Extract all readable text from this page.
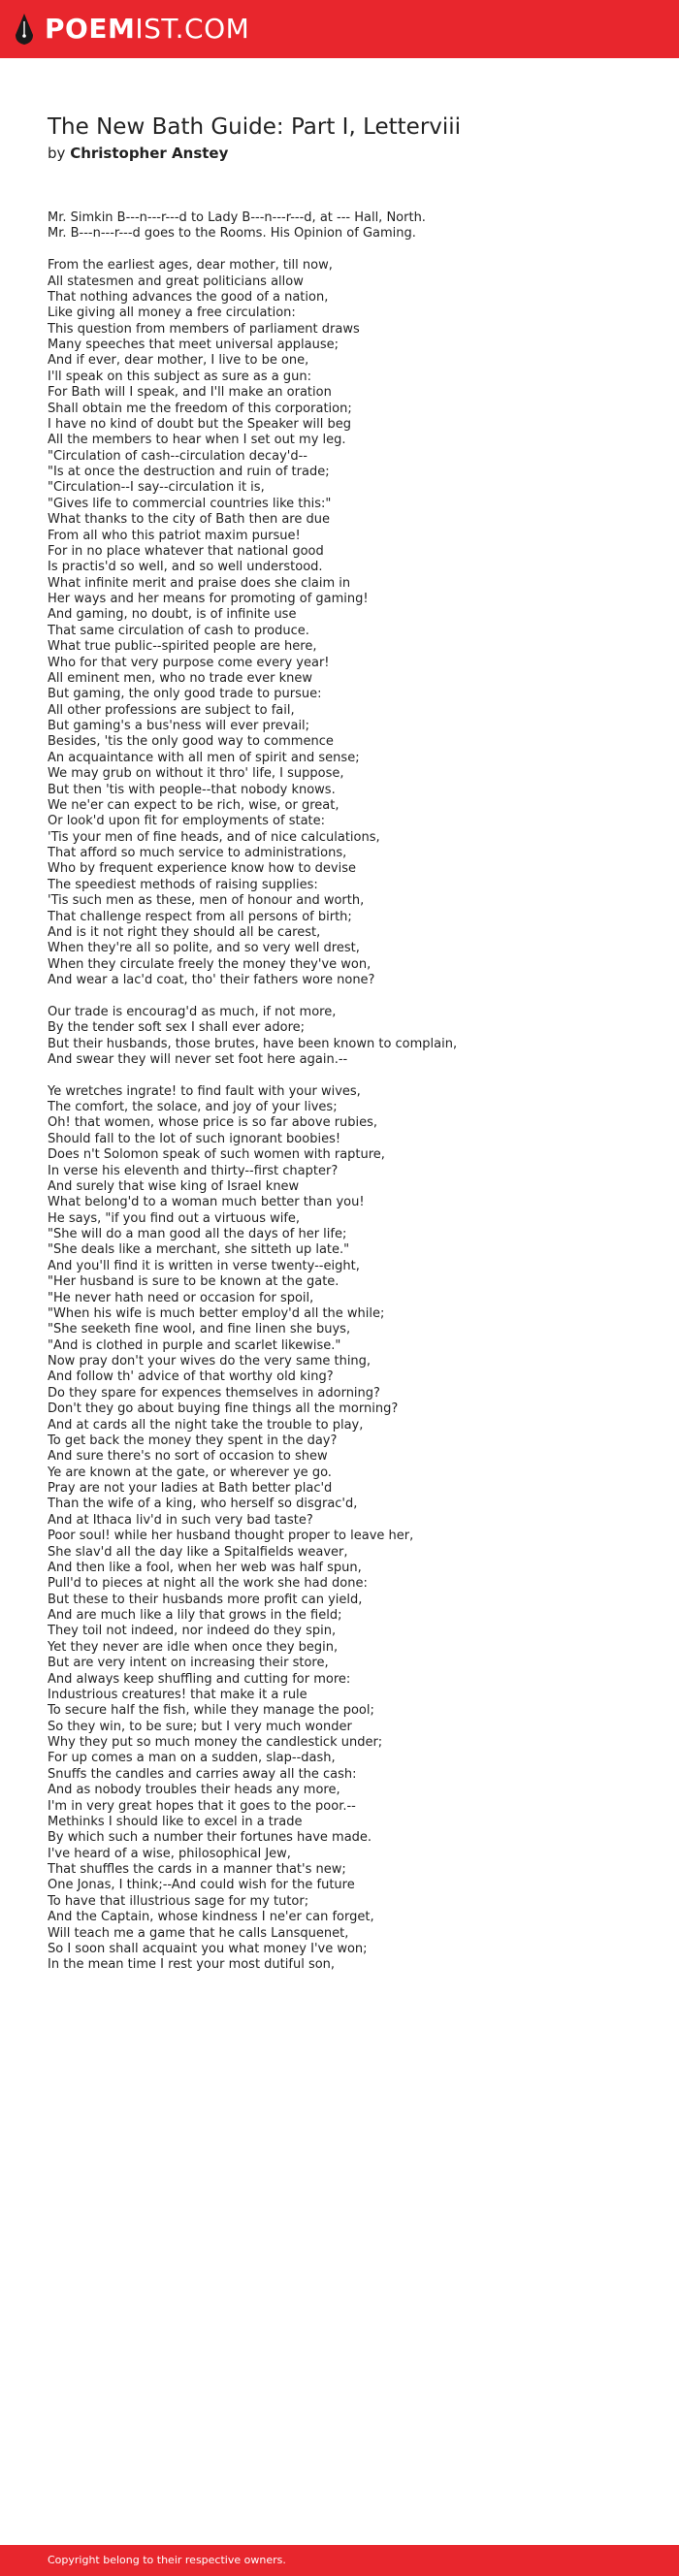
POEMIST.COM
The New Bath Guide: Part I, Letterviii
by Christopher Anstey
Mr. Simkin B---n---r---d to Lady B---n---r---d, at --- Hall, North.
Mr. B---n---r---d goes to the Rooms. His Opinion of Gaming.
From the earliest ages, dear mother, till now,
All statesmen and great politicians allow
That nothing advances the good of a nation,
Like giving all money a free circulation:
This question from members of parliament draws
Many speeches that meet universal applause;
And if ever, dear mother, I live to be one,
I'll speak on this subject as sure as a gun:
For Bath will I speak, and I'll make an oration
Shall obtain me the freedom of this corporation;
I have no kind of doubt but the Speaker will beg
All the members to hear when I set out my leg.
"Circulation of cash--circulation decay'd--
"Is at once the destruction and ruin of trade;
"Circulation--I say--circulation it is,
"Gives life to commercial countries like this:"
What thanks to the city of Bath then are due
From all who this patriot maxim pursue!
For in no place whatever that national good
Is practis'd so well, and so well understood.
What infinite merit and praise does she claim in
Her ways and her means for promoting of gaming!
And gaming, no doubt, is of infinite use
That same circulation of cash to produce.
What true public--spirited people are here,
Who for that very purpose come every year!
All eminent men, who no trade ever knew
But gaming, the only good trade to pursue:
All other professions are subject to fail,
But gaming's a bus'ness will ever prevail;
Besides, 'tis the only good way to commence
An acquaintance with all men of spirit and sense;
We may grub on without it thro' life, I suppose,
But then 'tis with people--that nobody knows.
We ne'er can expect to be rich, wise, or great,
Or look'd upon fit for employments of state:
'Tis your men of fine heads, and of nice calculations,
That afford so much service to administrations,
Who by frequent experience know how to devise
The speediest methods of raising supplies:
'Tis such men as these, men of honour and worth,
That challenge respect from all persons of birth;
And is it not right they should all be carest,
When they're all so polite, and so very well drest,
When they circulate freely the money they've won,
And wear a lac'd coat, tho' their fathers wore none?
Our trade is encourag'd as much, if not more,
By the tender soft sex I shall ever adore;
But their husbands, those brutes, have been known to complain,
And swear they will never set foot here again.--
Ye wretches ingrate! to find fault with your wives,
The comfort, the solace, and joy of your lives;
Oh! that women, whose price is so far above rubies,
Should fall to the lot of such ignorant boobies!
Does n't Solomon speak of such women with rapture,
In verse his eleventh and thirty--first chapter?
And surely that wise king of Israel knew
What belong'd to a woman much better than you!
He says, "if you find out a virtuous wife,
"She will do a man good all the days of her life;
"She deals like a merchant, she sitteth up late."
And you'll find it is written in verse twenty--eight,
"Her husband is sure to be known at the gate.
"He never hath need or occasion for spoil,
"When his wife is much better employ'd all the while;
"She seeketh fine wool, and fine linen she buys,
"And is clothed in purple and scarlet likewise."
Now pray don't your wives do the very same thing,
And follow th' advice of that worthy old king?
Do they spare for expences themselves in adorning?
Don't they go about buying fine things all the morning?
And at cards all the night take the trouble to play,
To get back the money they spent in the day?
And sure there's no sort of occasion to shew
Ye are known at the gate, or wherever ye go.
Pray are not your ladies at Bath better plac'd
Than the wife of a king, who herself so disgrac'd,
And at Ithaca liv'd in such very bad taste?
Poor soul! while her husband thought proper to leave her,
She slav'd all the day like a Spitalfields weaver,
And then like a fool, when her web was half spun,
Pull'd to pieces at night all the work she had done:
But these to their husbands more profit can yield,
And are much like a lily that grows in the field;
They toil not indeed, nor indeed do they spin,
Yet they never are idle when once they begin,
But are very intent on increasing their store,
And always keep shuffling and cutting for more:
Industrious creatures! that make it a rule
To secure half the fish, while they manage the pool;
So they win, to be sure; but I very much wonder
Why they put so much money the candlestick under;
For up comes a man on a sudden, slap--dash,
Snuffs the candles and carries away all the cash:
And as nobody troubles their heads any more,
I'm in very great hopes that it goes to the poor.--
Methinks I should like to excel in a trade
By which such a number their fortunes have made.
I've heard of a wise, philosophical Jew,
That shuffles the cards in a manner that's new;
One Jonas, I think;--And could wish for the future
To have that illustrious sage for my tutor;
And the Captain, whose kindness I ne'er can forget,
Will teach me a game that he calls Lansquenet,
So I soon shall acquaint you what money I've won;
In the mean time I rest your most dutiful son,
Copyright belong to their respective owners.
